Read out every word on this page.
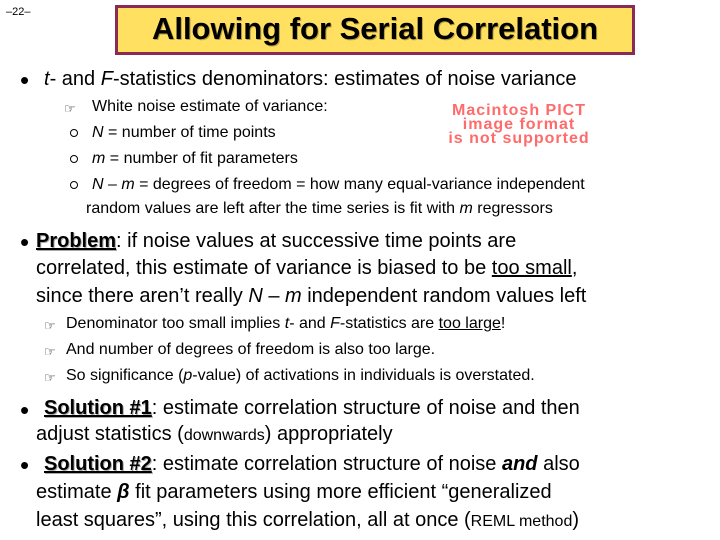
–22–	Allowing for Serial Correlation
• t- and F-statistics denominators: estimates of noise variance
☞ White noise estimate of variance:	Macintosh PICT
image format
is not supported
N = number of time points
m = number of fit parameters
N – m = degrees of freedom = how many equal-variance independent
random values are left after the time series is fit with m regressors
• Problem: if noise values at successive time points are
correlated, this estimate of variance is biased to be too small,
since there aren’t really N – m independent random values left
☞ Denominator too small implies t- and F-statistics are too large!
☞ And number of degrees of freedom is also too large.
☞ So significance (p-value) of activations in individuals is overstated.
• Solution #1: estimate correlation structure of noise and then
adjust statistics (downwards) appropriately
• Solution #2: estimate correlation structure of noise and also
estimate β fit parameters using more efficient “generalized
least squares”, using this correlation, all at once (REML method)
